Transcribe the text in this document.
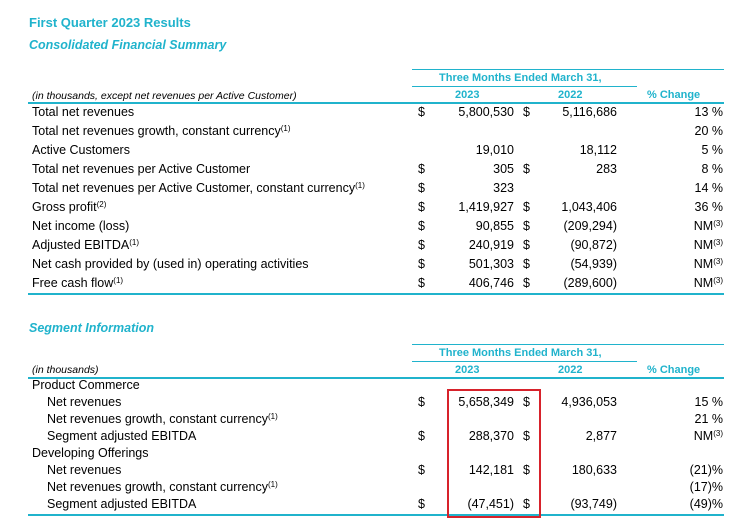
First Quarter 2023 Results
Consolidated Financial Summary
Three Months Ended March 31,
(in thousands, except net revenues per Active Customer)	2023	2022	% Change
Total net revenues	$	5,800,530 $	5,116,686	13 %
Total net revenues growth, constant currency$^{(1)}$	20 %
Active Customers	19,010	18,112	5 %
Total net revenues per Active Customer	$	305 $	283	8 %
Total net revenues per Active Customer, constant currency$^{(1)}$	$	323	14 %
Gross profit$^{(2)}$	$	1,419,927 $	1,043,406	36 %
Net income (loss)	$	90,855 $	(209,294)	NM$^{(3)}$
Adjusted EBITDA$^{(1)}$	$	240,919 $	(90,872)	NM$^{(3)}$
Net cash provided by (used in) operating activities	$	501,303 $	(54,939)	NM$^{(3)}$
Free cash flow$^{(1)}$	$	406,746 $	(289,600)	NM$^{(3)}$
Segment Information
Three Months Ended March 31,
(in thousands)	2023	2022	% Change
Product Commerce
Net revenues	$	5,658,349 $	4,936,053	15 %
Net revenues growth, constant currency$^{(1)}$	21 %
Segment adjusted EBITDA	$	288,370 $	2,877	NM$^{(3)}$
Developing Offerings
Net revenues	$	142,181 $	180,633	(21)%
Net revenues growth, constant currency$^{(1)}$	(17)%
Segment adjusted EBITDA	$	(47,451) $	(93,749)	(49)%
